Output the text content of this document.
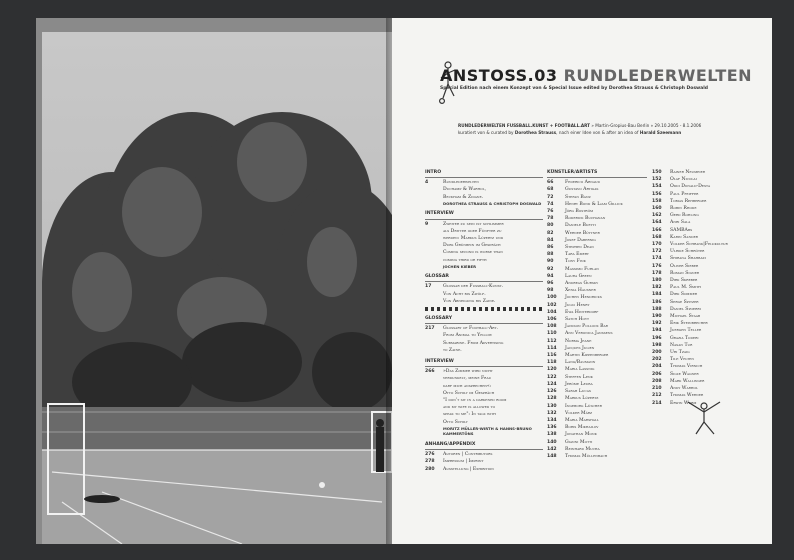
ANSTOSS.03 RUNDLEDERWELTEN
Special Edition nach einem Konzept von & Special Issue edited by Dorothea Strauss & Christoph Doswald
RUNDLEDERWELTEN FUSSBALL.KUNST + FOOTBALL.ART » Martin-Gropius-Bau Berlin » 29.10.2005 - 8.1.2006
kuratiert von & curated by Dorothea Strauss, nach einer Idee von & after an idea of Harald Szeemann
INTRO
4	Rundlederwelten
Duchamp & Warhol,
Beckham & Zidane.
DOROTHEA STRAUSS & CHRISTOPH DOSWALD
INTERVIEW
9	Zweiter zu sein ist schlimmer
als Dritter oder Fünfter zu
werden: Markus Lüpertz und
Dubs Grünbein im Gespräch
Coming second is worse than
coming third or fifth
JOCHEN KIEBER
GLOSSAR
17	Glossar der Fussball-Kunst.
Von Acht bis Zwölf.
Von Abneigung bis Zaine.
GLOSSARY
217	Glossary of Football-Art.
From Animal to Yellow
Submarine. From Advertising
to Zaine.
INTERVIEW
266	»Das Zimmer wird nicht
verdunkelt, meine Frau
darf mich ansprechen«:
Otto Schily im Gespräch
"I don't sit in a darkened room
and my wife is allowed to
speak to me": In talk with
Otto Schily
MORITZ MÜLLER-WIRTH & HANNS-BRUNO KAMMERTÖNS
ANHANG/APPENDIX
276	Autoren | Contributors
278	Impressum | Imprint
280	Ausstellung | Exhibition
KÜNSTLER/ARTISTS
66	Federico Arnaud
68	Gustavo Artigas
72	Stefan Banz
74	Henry Bond & Liam Gillick
76	Jörg Boström
78	Roderick Buchanan
80	Daniele Buetti
82	Werner Büttner
84	Josef Dabernig
86	Stephen Dean
88	Tara Emery
90	Tony Fink
92	Massimo Furlan
94	Laura Green
96	Andreas Gursky
98	Xenia Hausner
100	Jochen Hendricks
102	Julio Henry
104	Ewa Hinterdorf
106	Satch Hoyt
108	Jackson Pollock Bar
110	Ann Veronica Janssens
112	Norma Jeane
114	Jacques Julien
116	Martin Kippenberger
118	Lang/Baumann
120	Maria Lassnig
122	Steffen Lenk
124	Jérôme Leuba
126	Sarah Lucas
128	Markus Lüpertz
130	Ingeborg Lüscher
132	Volker März
134	Maria Marshall
136	Boris Mikhailov
138	Jonathan Monk
140	Gianni Motti
142	Reinhard Mucha
148	Thomas Müllenbach
150	Rainer Neumeier
152	Olaf Nicolai
154	Oddi Donald-Desta
156	Paul Pfeiffer
158	Tobias Rehberger
160	Robin Rhode
162	Gerd Rohling
164	Anri Sala
166	SAMBAbs
168	Karin Sander
170	Volker Schrank|Feldkultur
172	Ulrike Schröter
174	Shirana Shahbazi
176	Oliver Sieber
178	Roman Signer
180	Dirk Skreber
182	Paul M. Smith
184	Dirk Sommer
186	Serge Spitzer
188	Daniel Spoerri
190	Michael Staab
192	Erik Steinbrecher
194	Juergen Teller
196	Grazia Toderi
198	Nasan Tur
200	Uri Tzaig
202	Tile Velten
204	Thomas Virnich
206	Silke Wagner
208	Mark Wallinger
210	Andy Warhol
212	Thomas Werner
214	Erwin Wurm
